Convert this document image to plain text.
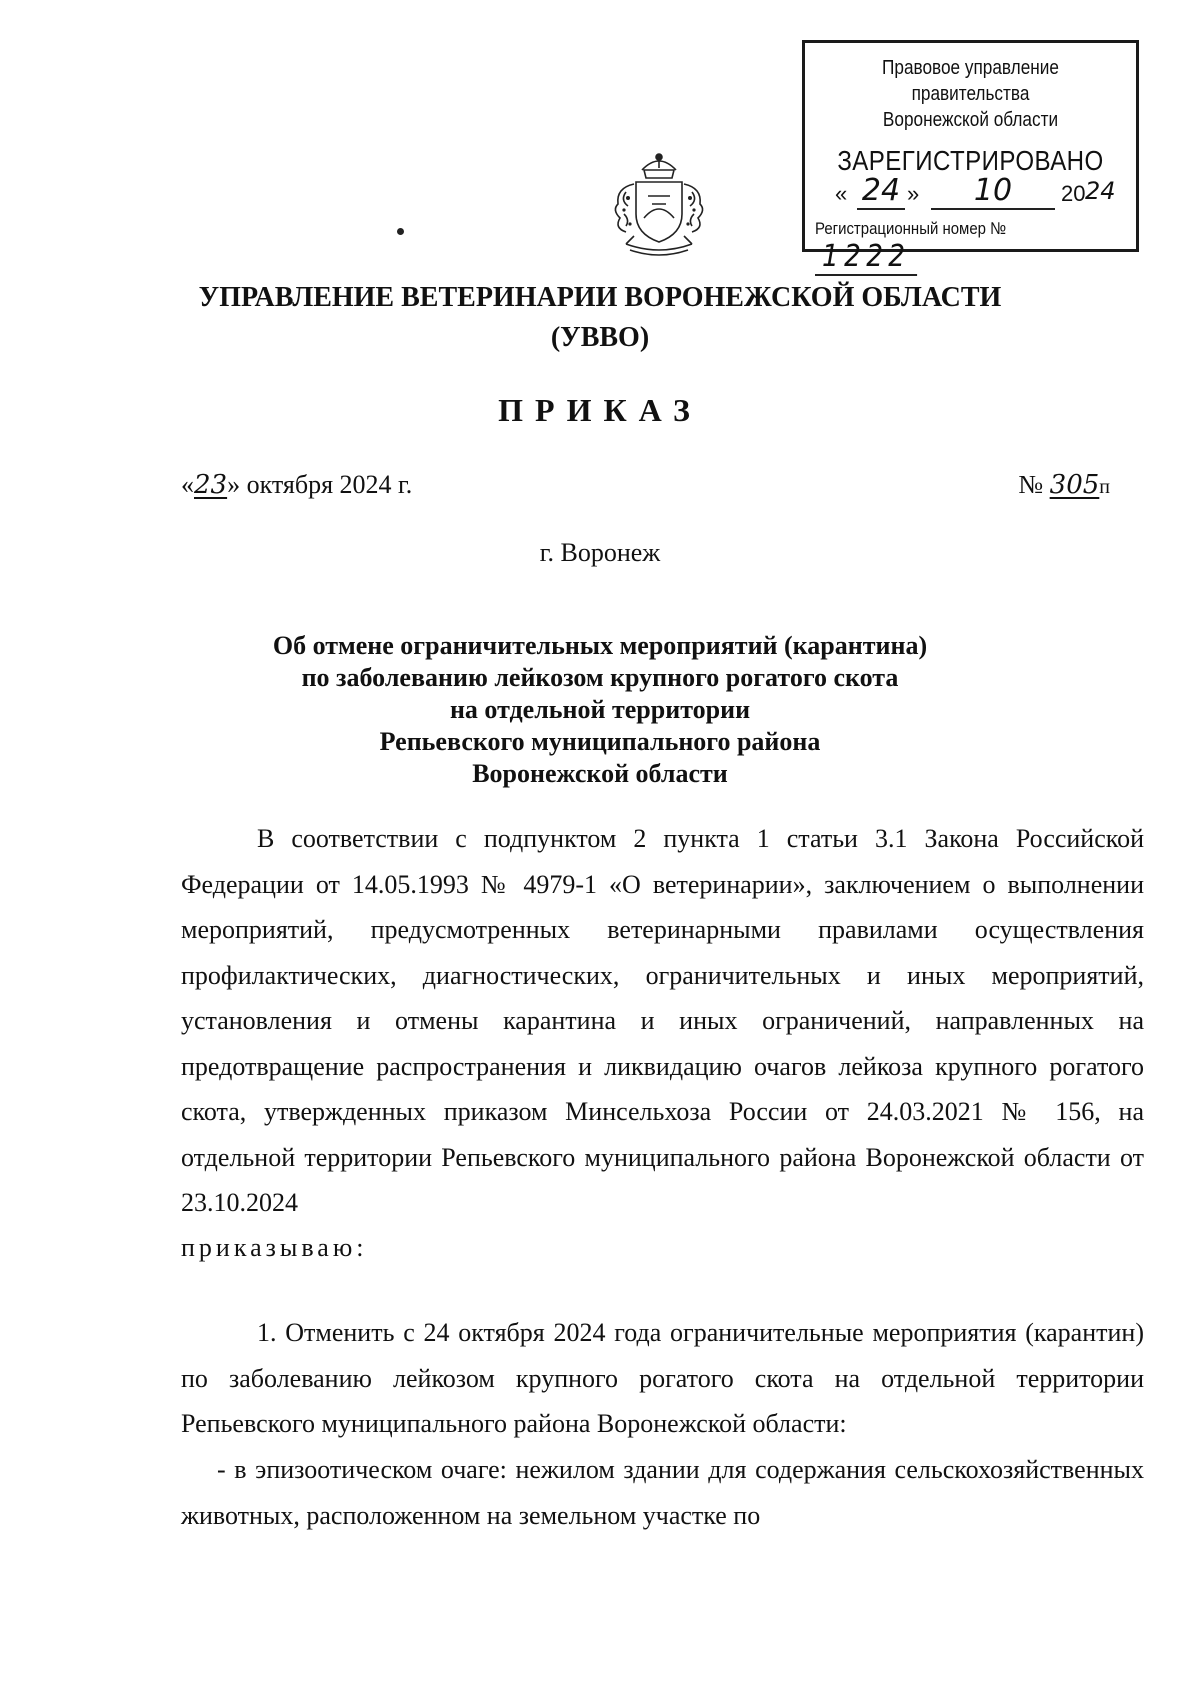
Правовое управление правительства
Воронежской области
ЗАРЕГИСТРИРОВАНО
« 24 »	10	20 24
Регистрационный номер № 1222
УПРАВЛЕНИЕ ВЕТЕРИНАРИИ ВОРОНЕЖСКОЙ ОБЛАСТИ
(УВВО)
ПРИКАЗ
«23» октября 2024 г.	№ 305п
г. Воронеж
Об отмене ограничительных мероприятий (карантина)
по заболеванию лейкозом крупного рогатого скота
на отдельной территории
Репьевского муниципального района
Воронежской области
В соответствии с подпунктом 2 пункта 1 статьи 3.1 Закона Российской Федерации от 14.05.1993 № 4979-1 «О ветеринарии», заключением о выполнении мероприятий, предусмотренных ветеринарными правилами осуществления профилактических, диагностических, ограничительных и иных мероприятий, установления и отмены карантина и иных ограничений, направленных на предотвращение распространения и ликвидацию очагов лейкоза крупного рогатого скота, утвержденных приказом Минсельхоза России от 24.03.2021 № 156, на отдельной территории Репьевского муниципального района Воронежской области от 23.10.2024
приказываю:
1. Отменить с 24 октября 2024 года ограничительные мероприятия (карантин) по заболеванию лейкозом крупного рогатого скота на отдельной территории Репьевского муниципального района Воронежской области:
- в эпизоотическом очаге: нежилом здании для содержания сельскохозяйственных животных, расположенном на земельном участке по
